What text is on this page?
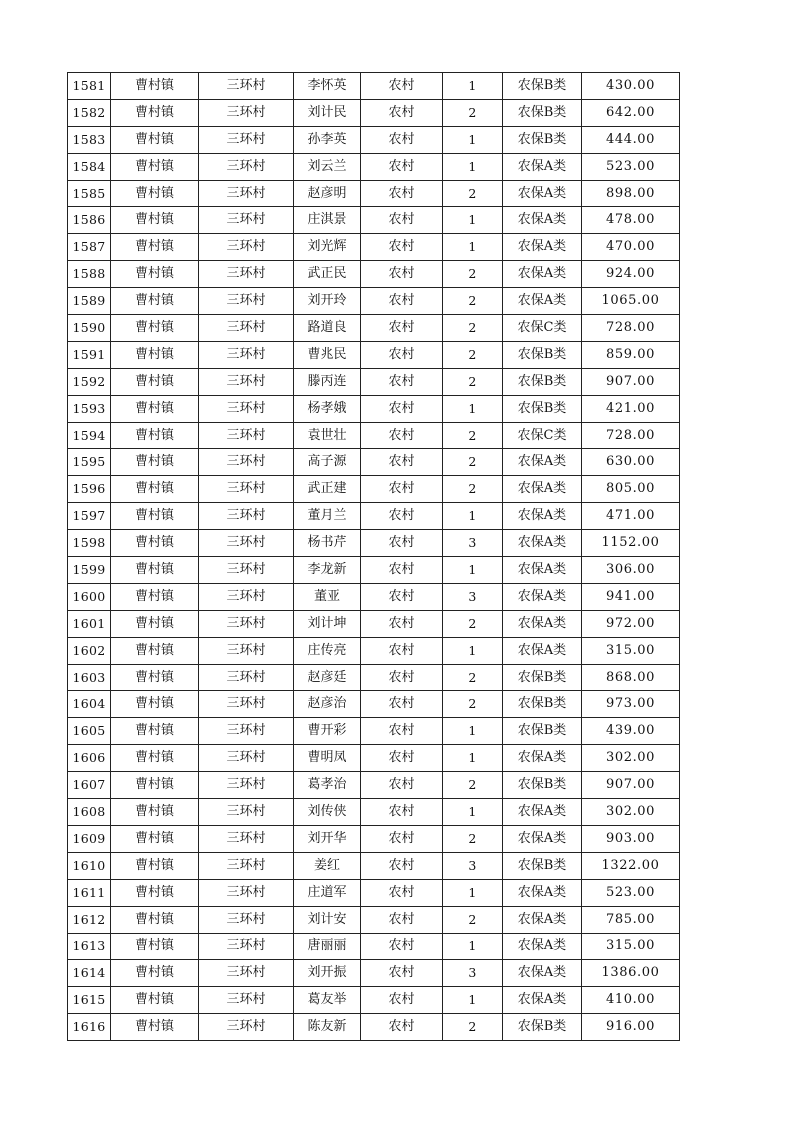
1581	曹村镇	三环村	李怀英	农村	1	农保B类	430.00
1582	曹村镇	三环村	刘计民	农村	2	农保B类	642.00
1583	曹村镇	三环村	孙李英	农村	1	农保B类	444.00
1584	曹村镇	三环村	刘云兰	农村	1	农保A类	523.00
1585	曹村镇	三环村	赵彦明	农村	2	农保A类	898.00
1586	曹村镇	三环村	庄淇景	农村	1	农保A类	478.00
1587	曹村镇	三环村	刘光辉	农村	1	农保A类	470.00
1588	曹村镇	三环村	武正民	农村	2	农保A类	924.00
1589	曹村镇	三环村	刘开玲	农村	2	农保A类	1065.00
1590	曹村镇	三环村	路道良	农村	2	农保C类	728.00
1591	曹村镇	三环村	曹兆民	农村	2	农保B类	859.00
1592	曹村镇	三环村	滕丙连	农村	2	农保B类	907.00
1593	曹村镇	三环村	杨孝娥	农村	1	农保B类	421.00
1594	曹村镇	三环村	袁世壮	农村	2	农保C类	728.00
1595	曹村镇	三环村	高子源	农村	2	农保A类	630.00
1596	曹村镇	三环村	武正建	农村	2	农保A类	805.00
1597	曹村镇	三环村	董月兰	农村	1	农保A类	471.00
1598	曹村镇	三环村	杨书芹	农村	3	农保A类	1152.00
1599	曹村镇	三环村	李龙新	农村	1	农保A类	306.00
1600	曹村镇	三环村	董亚	农村	3	农保A类	941.00
1601	曹村镇	三环村	刘计坤	农村	2	农保A类	972.00
1602	曹村镇	三环村	庄传亮	农村	1	农保A类	315.00
1603	曹村镇	三环村	赵彦廷	农村	2	农保B类	868.00
1604	曹村镇	三环村	赵彦治	农村	2	农保B类	973.00
1605	曹村镇	三环村	曹开彩	农村	1	农保B类	439.00
1606	曹村镇	三环村	曹明凤	农村	1	农保A类	302.00
1607	曹村镇	三环村	葛孝治	农村	2	农保B类	907.00
1608	曹村镇	三环村	刘传侠	农村	1	农保A类	302.00
1609	曹村镇	三环村	刘开华	农村	2	农保A类	903.00
1610	曹村镇	三环村	姜红	农村	3	农保B类	1322.00
1611	曹村镇	三环村	庄道军	农村	1	农保A类	523.00
1612	曹村镇	三环村	刘计安	农村	2	农保A类	785.00
1613	曹村镇	三环村	唐丽丽	农村	1	农保A类	315.00
1614	曹村镇	三环村	刘开振	农村	3	农保A类	1386.00
1615	曹村镇	三环村	葛友举	农村	1	农保A类	410.00
1616	曹村镇	三环村	陈友新	农村	2	农保B类	916.00
